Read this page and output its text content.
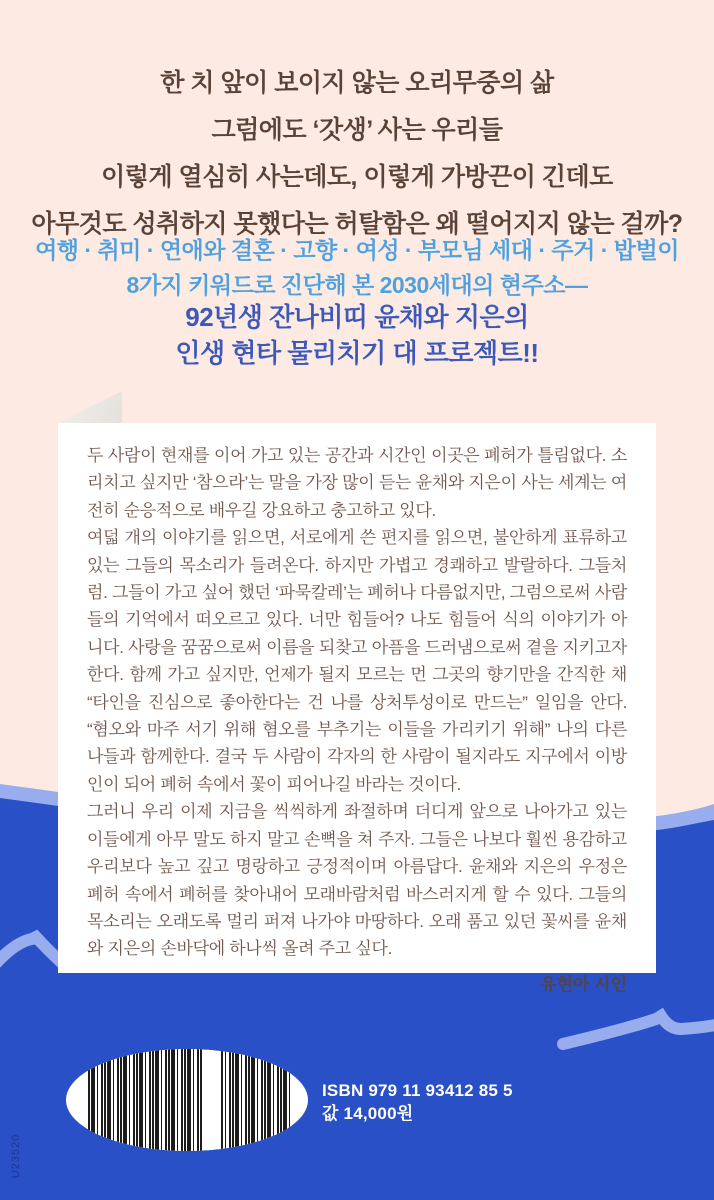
한 치 앞이 보이지 않는 오리무중의 삶
그럼에도 ‘갓생’ 사는 우리들
이렇게 열심히 사는데도, 이렇게 가방끈이 긴데도
아무것도 성취하지 못했다는 허탈함은 왜 떨어지지 않는 걸까?
여행 · 취미 · 연애와 결혼 · 고향 · 여성 · 부모님 세대 · 주거 · 밥벌이
8가지 키워드로 진단해 본 2030세대의 현주소—
92년생 잔나비띠 윤채와 지은의
인생 현타 물리치기 대 프로젝트!!

두 사람이 현재를 이어 가고 있는 공간과 시간인 이곳은 폐허가 틀림없다. 소리치고 싶지만 ‘참으라’는 말을 가장 많이 듣는 윤채와 지은이 사는 세계는 여전히 순응적으로 배우길 강요하고 충고하고 있다.

여덟 개의 이야기를 읽으면, 서로에게 쓴 편지를 읽으면, 불안하게 표류하고 있는 그들의 목소리가 들려온다. 하지만 가볍고 경쾌하고 발랄하다. 그들처럼. 그들이 가고 싶어 했던 ‘파묵칼레’는 폐허나 다름없지만, 그럼으로써 사람들의 기억에서 떠오르고 있다. 너만 힘들어? 나도 힘들어 식의 이야기가 아니다. 사랑을 꿈꿈으로써 이름을 되찾고 아픔을 드러냄으로써 곁을 지키고자 한다. 함께 가고 싶지만, 언제가 될지 모르는 먼 그곳의 향기만을 간직한 채 “타인을 진심으로 좋아한다는 건 나를 상처투성이로 만드는” 일임을 안다. “혐오와 마주 서기 위해 혐오를 부추기는 이들을 가리키기 위해” 나의 다른 나들과 함께한다. 결국 두 사람이 각자의 한 사람이 될지라도 지구에서 이방인이 되어 폐허 속에서 꽃이 피어나길 바라는 것이다.

그러니 우리 이제 지금을 씩씩하게 좌절하며 더디게 앞으로 나아가고 있는 이들에게 아무 말도 하지 말고 손뼉을 쳐 주자. 그들은 나보다 훨씬 용감하고 우리보다 높고 깊고 명랑하고 긍정적이며 아름답다. 윤채와 지은의 우정은 폐허 속에서 폐허를 찾아내어 모래바람처럼 바스러지게 할 수 있다. 그들의 목소리는 오래도록 멀리 퍼져 나가야 마땅하다. 오래 품고 있던 꽃씨를 윤채와 지은의 손바닥에 하나씩 올려 주고 싶다.

유현아 시인
ISBN 979 11 93412 85 5
값 14,000원
U23520
